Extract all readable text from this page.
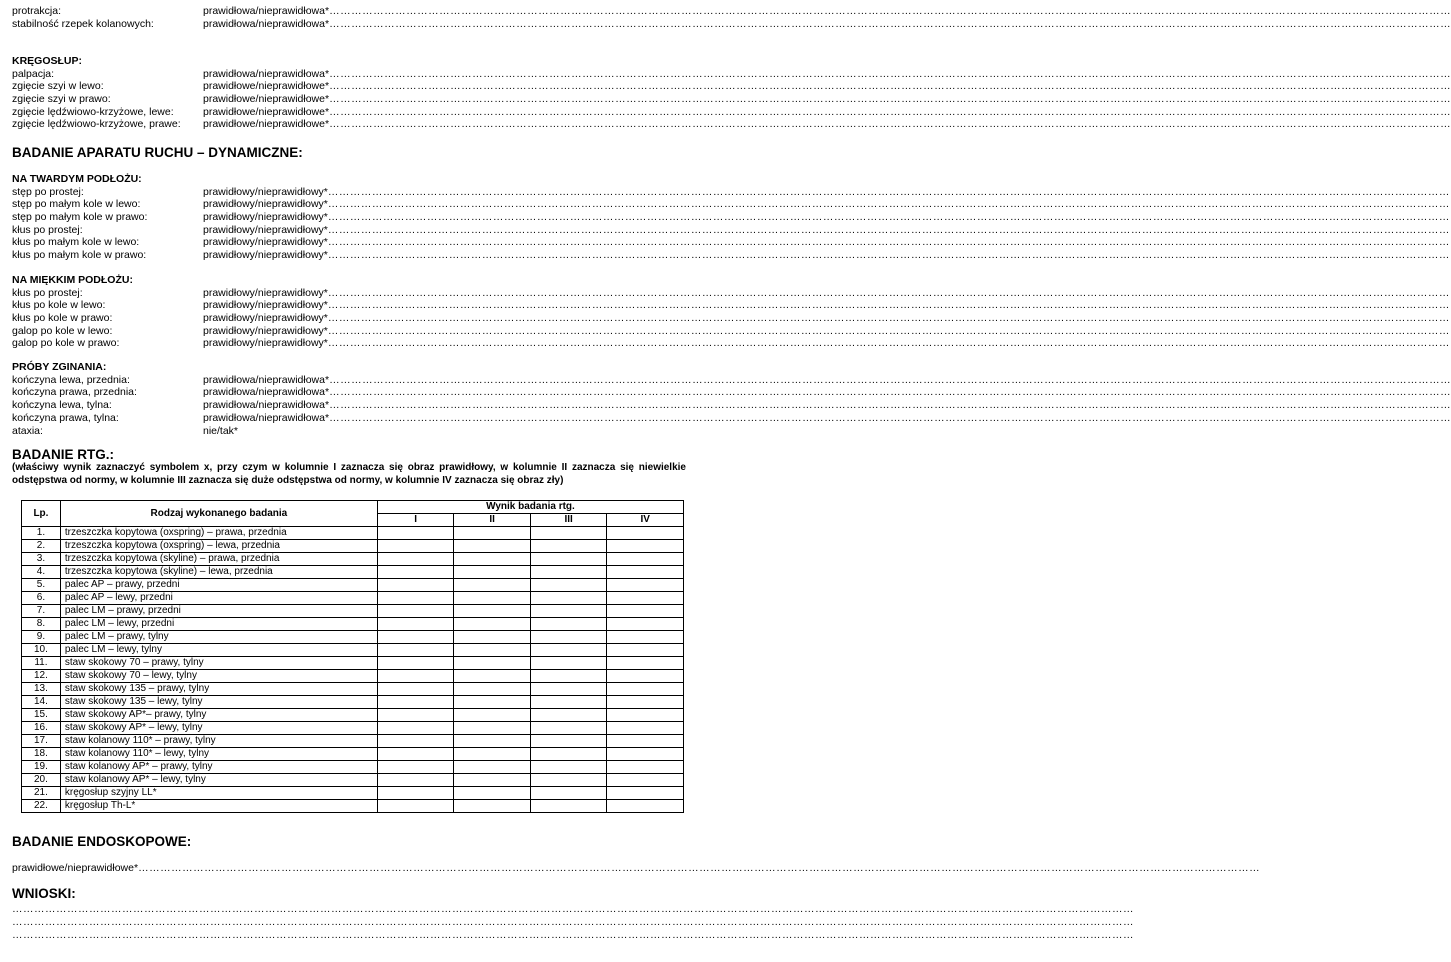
protrakcja:	prawidłowa/nieprawidłowa*………………………………………………………………………………………………………………………………………………………………………………………………………………………………………………………………………………
stabilność rzepek kolanowych:	prawidłowa/nieprawidłowa*………………………………………………………………………………………………………………………………………………………………………………………………………………………………………………………………………………
KRĘGOSŁUP:
palpacja:	prawidłowa/nieprawidłowa*………………………………………………………………………………………………………………………………………………………………………………………………………………………………………………………………………………
zgięcie szyi w lewo:	prawidłowe/nieprawidłowe*………………………………………………………………………………………………………………………………………………………………………………………………………………………………………………………………………………
zgięcie szyi w prawo:	prawidłowe/nieprawidłowe*………………………………………………………………………………………………………………………………………………………………………………………………………………………………………………………………………………
zgięcie lędźwiowo-krzyżowe, lewe:	prawidłowe/nieprawidłowe*………………………………………………………………………………………………………………………………………………………………………………………………………………………………………………………………………………
zgięcie lędźwiowo-krzyżowe, prawe: prawidłowe/nieprawidłowe*………………………………………………………………………………………………………………………………………………………………………………………………………………………………………………………………………………
BADANIE APARATU RUCHU – DYNAMICZNE:
NA TWARDYM PODŁOŻU:
stęp po prostej:	prawidłowy/nieprawidłowy*………………………………………………………………………………………………………………………………………………………………………………………………………………………………………………………………………………
stęp po małym kole w lewo:	prawidłowy/nieprawidłowy*………………………………………………………………………………………………………………………………………………………………………………………………………………………………………………………………………………
stęp po małym kole w prawo:	prawidłowy/nieprawidłowy*………………………………………………………………………………………………………………………………………………………………………………………………………………………………………………………………………………
kłus po prostej:	prawidłowy/nieprawidłowy*………………………………………………………………………………………………………………………………………………………………………………………………………………………………………………………………………………
kłus po małym kole w lewo:	prawidłowy/nieprawidłowy*………………………………………………………………………………………………………………………………………………………………………………………………………………………………………………………………………………
kłus po małym kole w prawo:	prawidłowy/nieprawidłowy*………………………………………………………………………………………………………………………………………………………………………………………………………………………………………………………………………………
NA MIĘKKIM PODŁOŻU:
kłus po prostej:	prawidłowy/nieprawidłowy*………………………………………………………………………………………………………………………………………………………………………………………………………………………………………………………………………………
kłus po kole w lewo:	prawidłowy/nieprawidłowy*………………………………………………………………………………………………………………………………………………………………………………………………………………………………………………………………………………
kłus po kole w prawo:	prawidłowy/nieprawidłowy*………………………………………………………………………………………………………………………………………………………………………………………………………………………………………………………………………………
galop po kole w lewo:	prawidłowy/nieprawidłowy*………………………………………………………………………………………………………………………………………………………………………………………………………………………………………………………………………………
galop po kole w prawo:	prawidłowy/nieprawidłowy*………………………………………………………………………………………………………………………………………………………………………………………………………………………………………………………………………………
PRÓBY ZGINANIA:
kończyna lewa, przednia:	prawidłowa/nieprawidłowa*………………………………………………………………………………………………………………………………………………………………………………………………………………………………………………………………………………
kończyna prawa, przednia:	prawidłowa/nieprawidłowa*………………………………………………………………………………………………………………………………………………………………………………………………………………………………………………………………………………
kończyna lewa, tylna:	prawidłowa/nieprawidłowa*………………………………………………………………………………………………………………………………………………………………………………………………………………………………………………………………………………
kończyna prawa, tylna:	prawidłowa/nieprawidłowa*………………………………………………………………………………………………………………………………………………………………………………………………………………………………………………………………………………
ataxia:	nie/tak*
BADANIE RTG.:
(właściwy wynik zaznaczyć symbolem x, przy czym w kolumnie I zaznacza się obraz prawidłowy, w kolumnie II zaznacza się niewielkie odstępstwa od normy, w kolumnie III zaznacza się duże odstępstwa od normy, w kolumnie IV zaznacza się obraz zły)
Lp.	Rodzaj wykonanego badania	Wynik badania rtg.			
		I	II	III	IV
1.	trzeszczka kopytowa (oxspring) – prawa, przednia				
2.	trzeszczka kopytowa (oxspring) – lewa, przednia				
3.	trzeszczka kopytowa (skyline) – prawa, przednia				
4.	trzeszczka kopytowa (skyline) – lewa, przednia				
5.	palec AP – prawy, przedni				
6.	palec AP – lewy, przedni				
7.	palec LM – prawy, przedni				
8.	palec LM – lewy, przedni				
9.	palec LM – prawy, tylny				
10.	palec LM – lewy, tylny				
11.	staw skokowy 70 – prawy, tylny				
12.	staw skokowy 70 – lewy, tylny				
13.	staw skokowy 135 – prawy, tylny				
14.	staw skokowy 135 – lewy, tylny				
15.	staw skokowy AP*– prawy, tylny				
16.	staw skokowy AP* – lewy, tylny				
17.	staw kolanowy 110* – prawy, tylny				
18.	staw kolanowy 110* – lewy, tylny				
19.	staw kolanowy AP* – prawy, tylny				
20.	staw kolanowy AP* – lewy, tylny				
21.	kręgosłup szyjny LL*				
22.	kręgosłup Th-L*				
BADANIE ENDOSKOPOWE:
prawidłowe/nieprawidłowe*………………………………………………………………………………………………………………………………………………………………………………………………………………………………………………………………………………
WNIOSKI:
………………………………………………………………………………………………………………………………………………………………………………………………………………………………………………………………………………
………………………………………………………………………………………………………………………………………………………………………………………………………………………………………………………………………………
………………………………………………………………………………………………………………………………………………………………………………………………………………………………………………………………………………
